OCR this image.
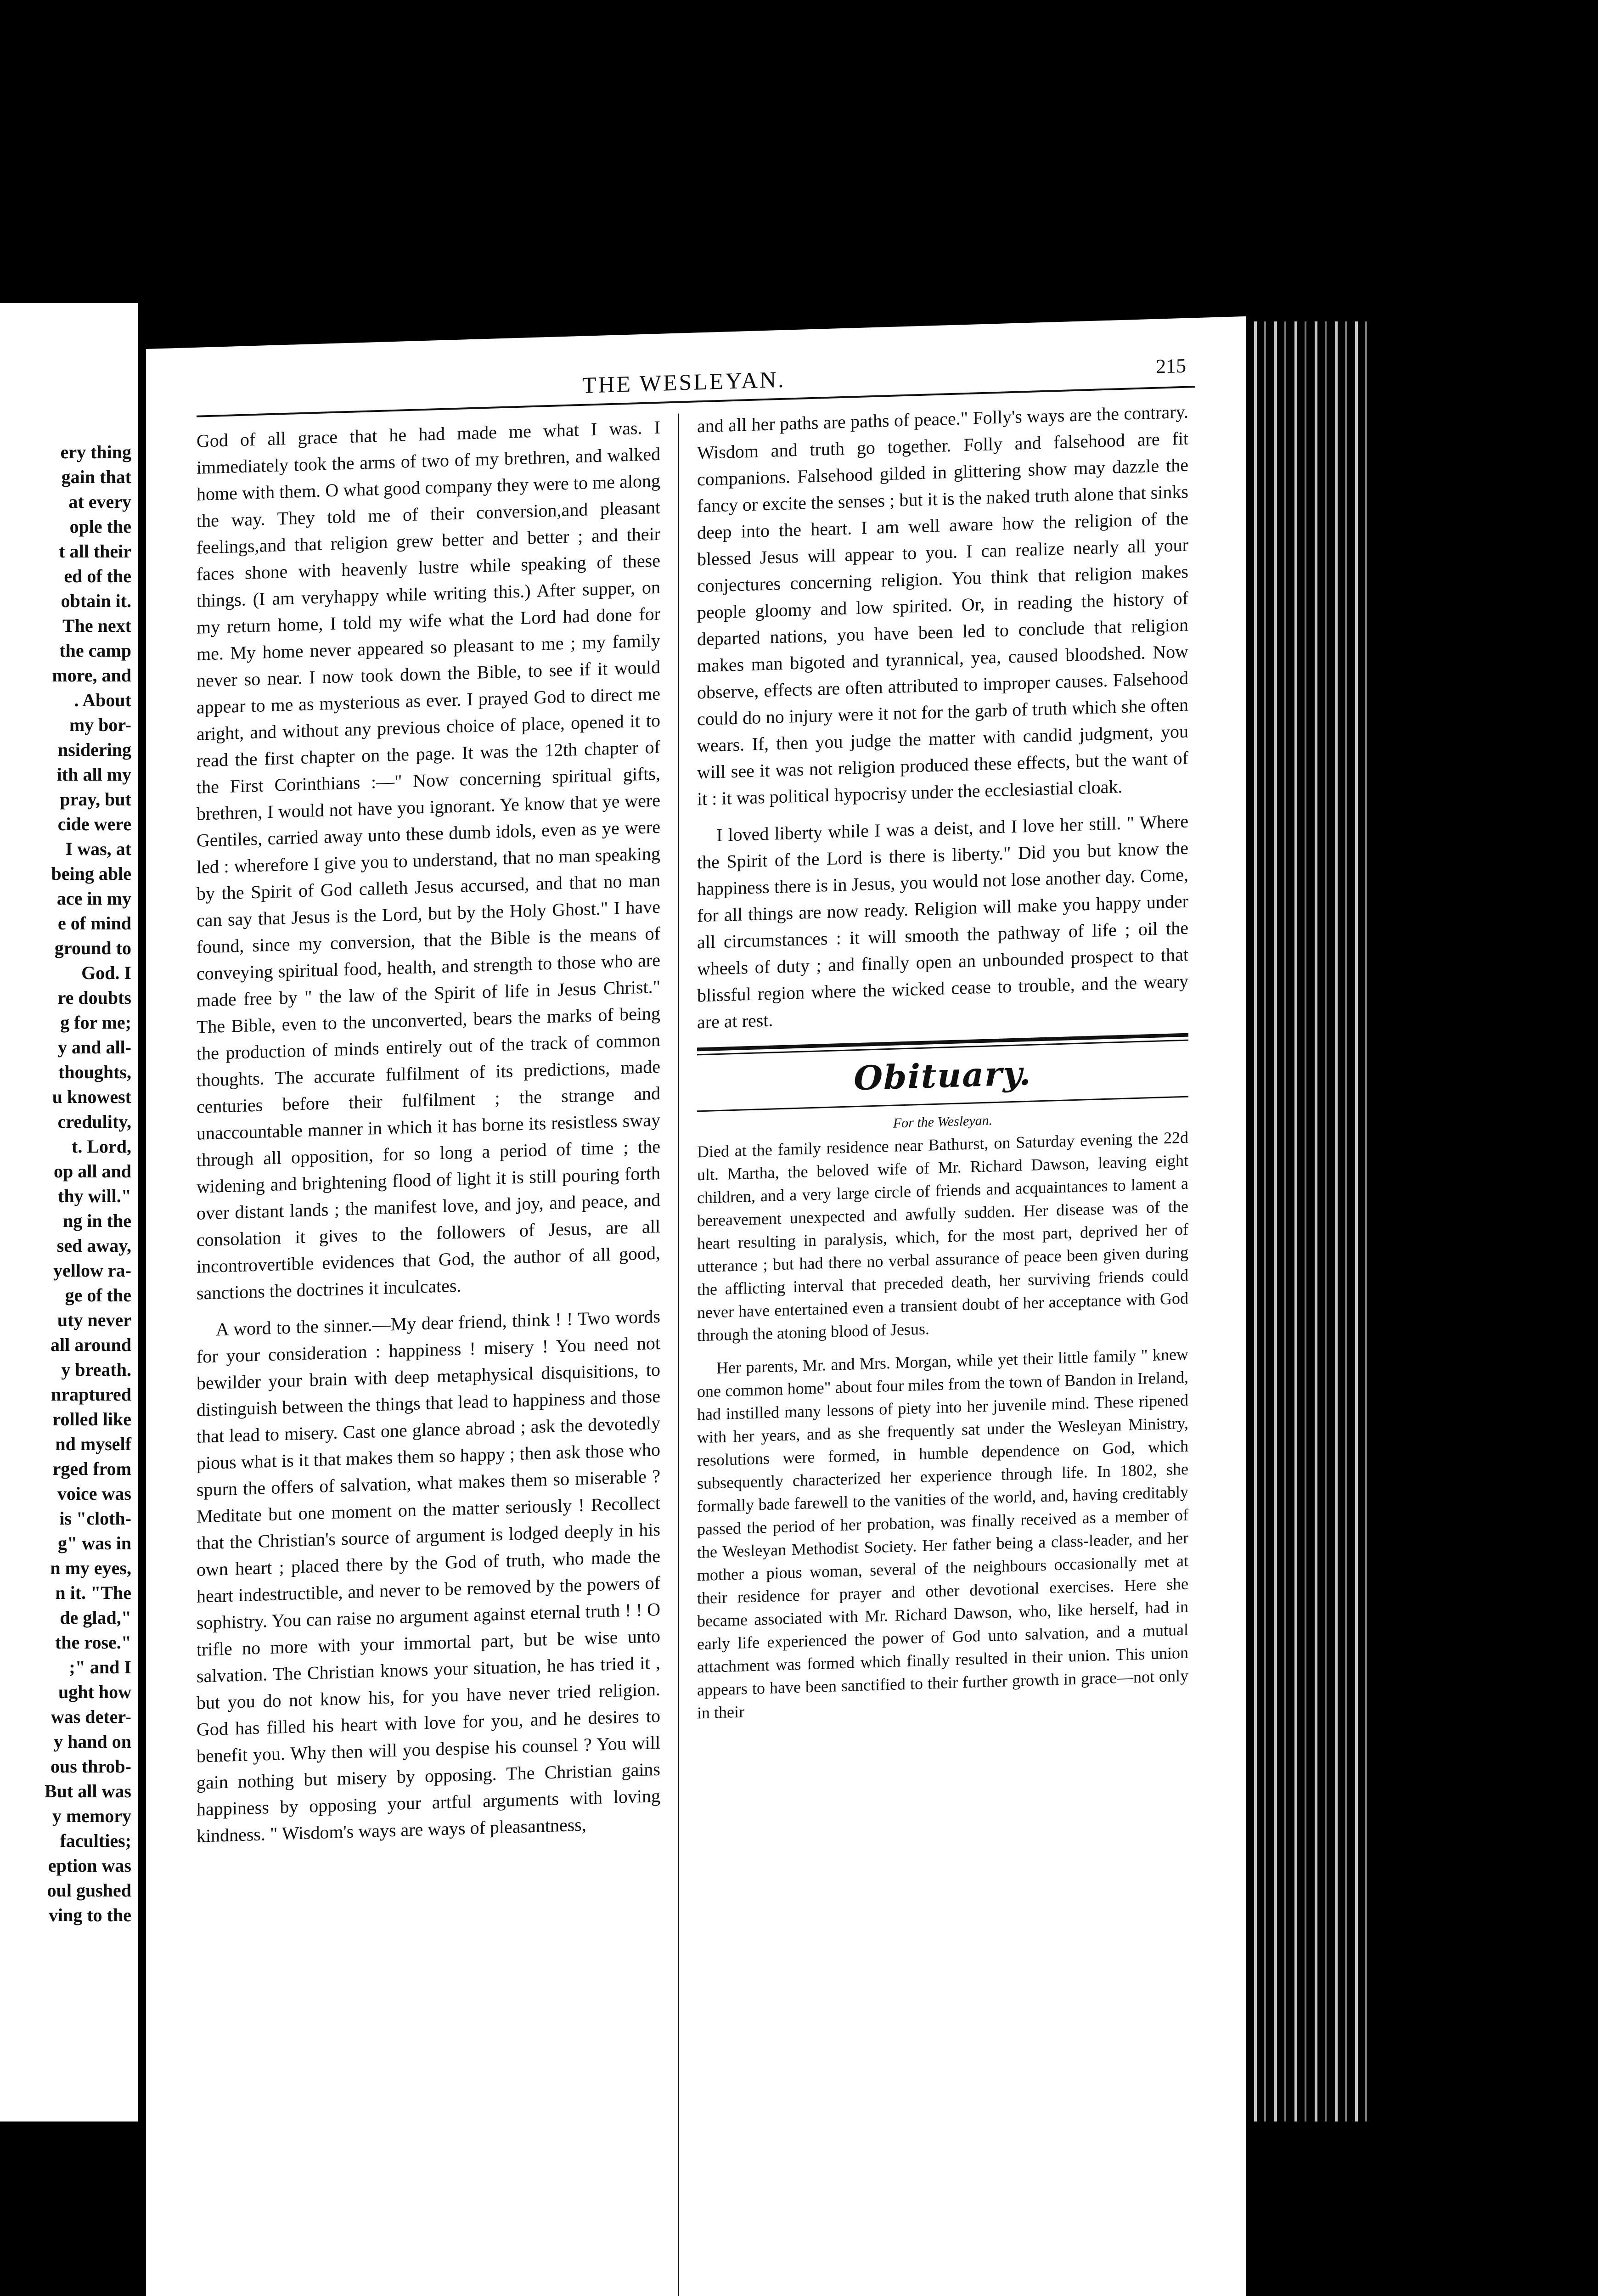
ery thing
gain that
at every
ople the
t all their
ed of the
obtain it.
The next
the camp
more, and
. About
my bor-
nsidering
ith all my
pray, but
cide were
I was, at
being able
ace in my
e of mind
ground to
God. I
re doubts
g for me;
y and all-
thoughts,
u knowest
credulity,
t. Lord,
op all and
thy will."
ng in the
sed away,
yellow ra-
ge of the
uty never
all around
y breath.
nraptured
rolled like
nd myself
rged from
voice was
is "cloth-
g" was in
n my eyes,
n it. "The
de glad,"
the rose."
;" and I
ught how
was deter-
y hand on
ous throb-
But all was
y memory
faculties;
eption was
oul gushed
ving to the
THE WESLEYAN.
215

God of all grace that he had made me what I was. I immediately took the arms of two of my brethren, and walked home with them. O what good company they were to me along the way. They told me of their conversion,and pleasant feelings,and that religion grew better and better ; and their faces shone with heavenly lustre while speaking of these things. (I am veryhappy while writing this.) After supper, on my return home, I told my wife what the Lord had done for me. My home never appeared so pleasant to me ; my family never so near. I now took down the Bible, to see if it would appear to me as mysterious as ever. I prayed God to direct me aright, and without any previous choice of place, opened it to read the first chapter on the page. It was the 12th chapter of the First Corinthians :—" Now concerning spiritual gifts, brethren, I would not have you ignorant. Ye know that ye were Gentiles, carried away unto these dumb idols, even as ye were led : wherefore I give you to understand, that no man speaking by the Spirit of God calleth Jesus accursed, and that no man can say that Jesus is the Lord, but by the Holy Ghost." I have found, since my conversion, that the Bible is the means of conveying spiritual food, health, and strength to those who are made free by " the law of the Spirit of life in Jesus Christ." The Bible, even to the unconverted, bears the marks of being the production of minds entirely out of the track of common thoughts. The accurate fulfilment of its predictions, made centuries before their fulfilment ; the strange and unaccountable manner in which it has borne its resistless sway through all opposition, for so long a period of time ; the widening and brightening flood of light it is still pouring forth over distant lands ; the manifest love, and joy, and peace, and consolation it gives to the followers of Jesus, are all incontrovertible evidences that God, the author of all good, sanctions the doctrines it inculcates.

A word to the sinner.—My dear friend, think ! ! Two words for your consideration : happiness ! misery ! You need not bewilder your brain with deep metaphysical disquisitions, to distinguish between the things that lead to happiness and those that lead to misery. Cast one glance abroad ; ask the devotedly pious what is it that makes them so happy ; then ask those who spurn the offers of salvation, what makes them so miserable ? Meditate but one moment on the matter seriously ! Recollect that the Christian's source of argument is lodged deeply in his own heart ; placed there by the God of truth, who made the heart indestructible, and never to be removed by the powers of sophistry. You can raise no argument against eternal truth ! ! O trifle no more with your immortal part, but be wise unto salvation. The Christian knows your situation, he has tried it , but you do not know his, for you have never tried religion. God has filled his heart with love for you, and he desires to benefit you. Why then will you despise his counsel ? You will gain nothing but misery by opposing. The Christian gains happiness by opposing your artful arguments with loving kindness. " Wisdom's ways are ways of pleasantness,

and all her paths are paths of peace." Folly's ways are the contrary. Wisdom and truth go together. Folly and falsehood are fit companions. Falsehood gilded in glittering show may dazzle the fancy or excite the senses ; but it is the naked truth alone that sinks deep into the heart. I am well aware how the religion of the blessed Jesus will appear to you. I can realize nearly all your conjectures concerning religion. You think that religion makes people gloomy and low spirited. Or, in reading the history of departed nations, you have been led to conclude that religion makes man bigoted and tyrannical, yea, caused bloodshed. Now observe, effects are often attributed to improper causes. Falsehood could do no injury were it not for the garb of truth which she often wears. If, then you judge the matter with candid judgment, you will see it was not religion produced these effects, but the want of it : it was political hypocrisy under the ecclesiastial cloak.

I loved liberty while I was a deist, and I love her still. " Where the Spirit of the Lord is there is liberty." Did you but know the happiness there is in Jesus, you would not lose another day. Come, for all things are now ready. Religion will make you happy under all circumstances : it will smooth the pathway of life ; oil the wheels of duty ; and finally open an unbounded prospect to that blissful region where the wicked cease to trouble, and the weary are at rest.

Obituary.
For the Wesleyan.

Died at the family residence near Bathurst, on Saturday evening the 22d ult. Martha, the beloved wife of Mr. Richard Dawson, leaving eight children, and a very large circle of friends and acquaintances to lament a bereavement unexpected and awfully sudden. Her disease was of the heart resulting in paralysis, which, for the most part, deprived her of utterance ; but had there no verbal assurance of peace been given during the afflicting interval that preceded death, her surviving friends could never have entertained even a transient doubt of her acceptance with God through the atoning blood of Jesus.

Her parents, Mr. and Mrs. Morgan, while yet their little family " knew one common home" about four miles from the town of Bandon in Ireland, had instilled many lessons of piety into her juvenile mind. These ripened with her years, and as she frequently sat under the Wesleyan Ministry, resolutions were formed, in humble dependence on God, which subsequently characterized her experience through life. In 1802, she formally bade farewell to the vanities of the world, and, having creditably passed the period of her probation, was finally received as a member of the Wesleyan Methodist Society. Her father being a class-leader, and her mother a pious woman, several of the neighbours occasionally met at their residence for prayer and other devotional exercises. Here she became associated with Mr. Richard Dawson, who, like herself, had in early life experienced the power of God unto salvation, and a mutual attachment was formed which finally resulted in their union. This union appears to have been sanctified to their further growth in grace—not only in their
